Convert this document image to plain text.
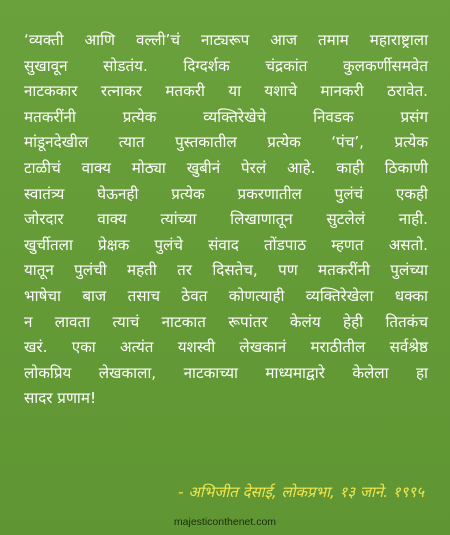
‘व्यक्ती आणि वल्ली’चं नाट्यरूप आज तमाम महाराष्ट्राला
सुखावून सोडतंय. दिग्दर्शक चंद्रकांत कुलकर्णीसमवेत
नाटककार रत्नाकर मतकरी या यशाचे मानकरी ठरावेत.
मतकरींनी प्रत्येक व्यक्तिरेखेचे निवडक प्रसंग
मांडूनदेखील त्यात पुस्तकातील प्रत्येक ‘पंच’, प्रत्येक
टाळीचं वाक्य मोठ्या खुबीनं पेरलं आहे. काही ठिकाणी
स्वातंत्र्य घेऊनही प्रत्येक प्रकरणातील पुलंचं एकही
जोरदार वाक्य त्यांच्या लिखाणातून सुटलेलं नाही.
खुर्चीतला प्रेक्षक पुलंचे संवाद तोंडपाठ म्हणत असतो.
यातून पुलंची महती तर दिसतेच, पण मतकरींनी पुलंच्या
भाषेचा बाज तसाच ठेवत कोणत्याही व्यक्तिरेखेला धक्का
न लावता त्याचं नाटकात रूपांतर केलंय हेही तितकंच
खरं. एका अत्यंत यशस्वी लेखकानं मराठीतील सर्वश्रेष्ठ
लोकप्रिय लेखकाला, नाटकाच्या माध्यमाद्वारे केलेला हा
सादर प्रणाम!
- अभिजीत देसाई, लोकप्रभा, १३ जाने. १९९५
majesticonthenet.com
